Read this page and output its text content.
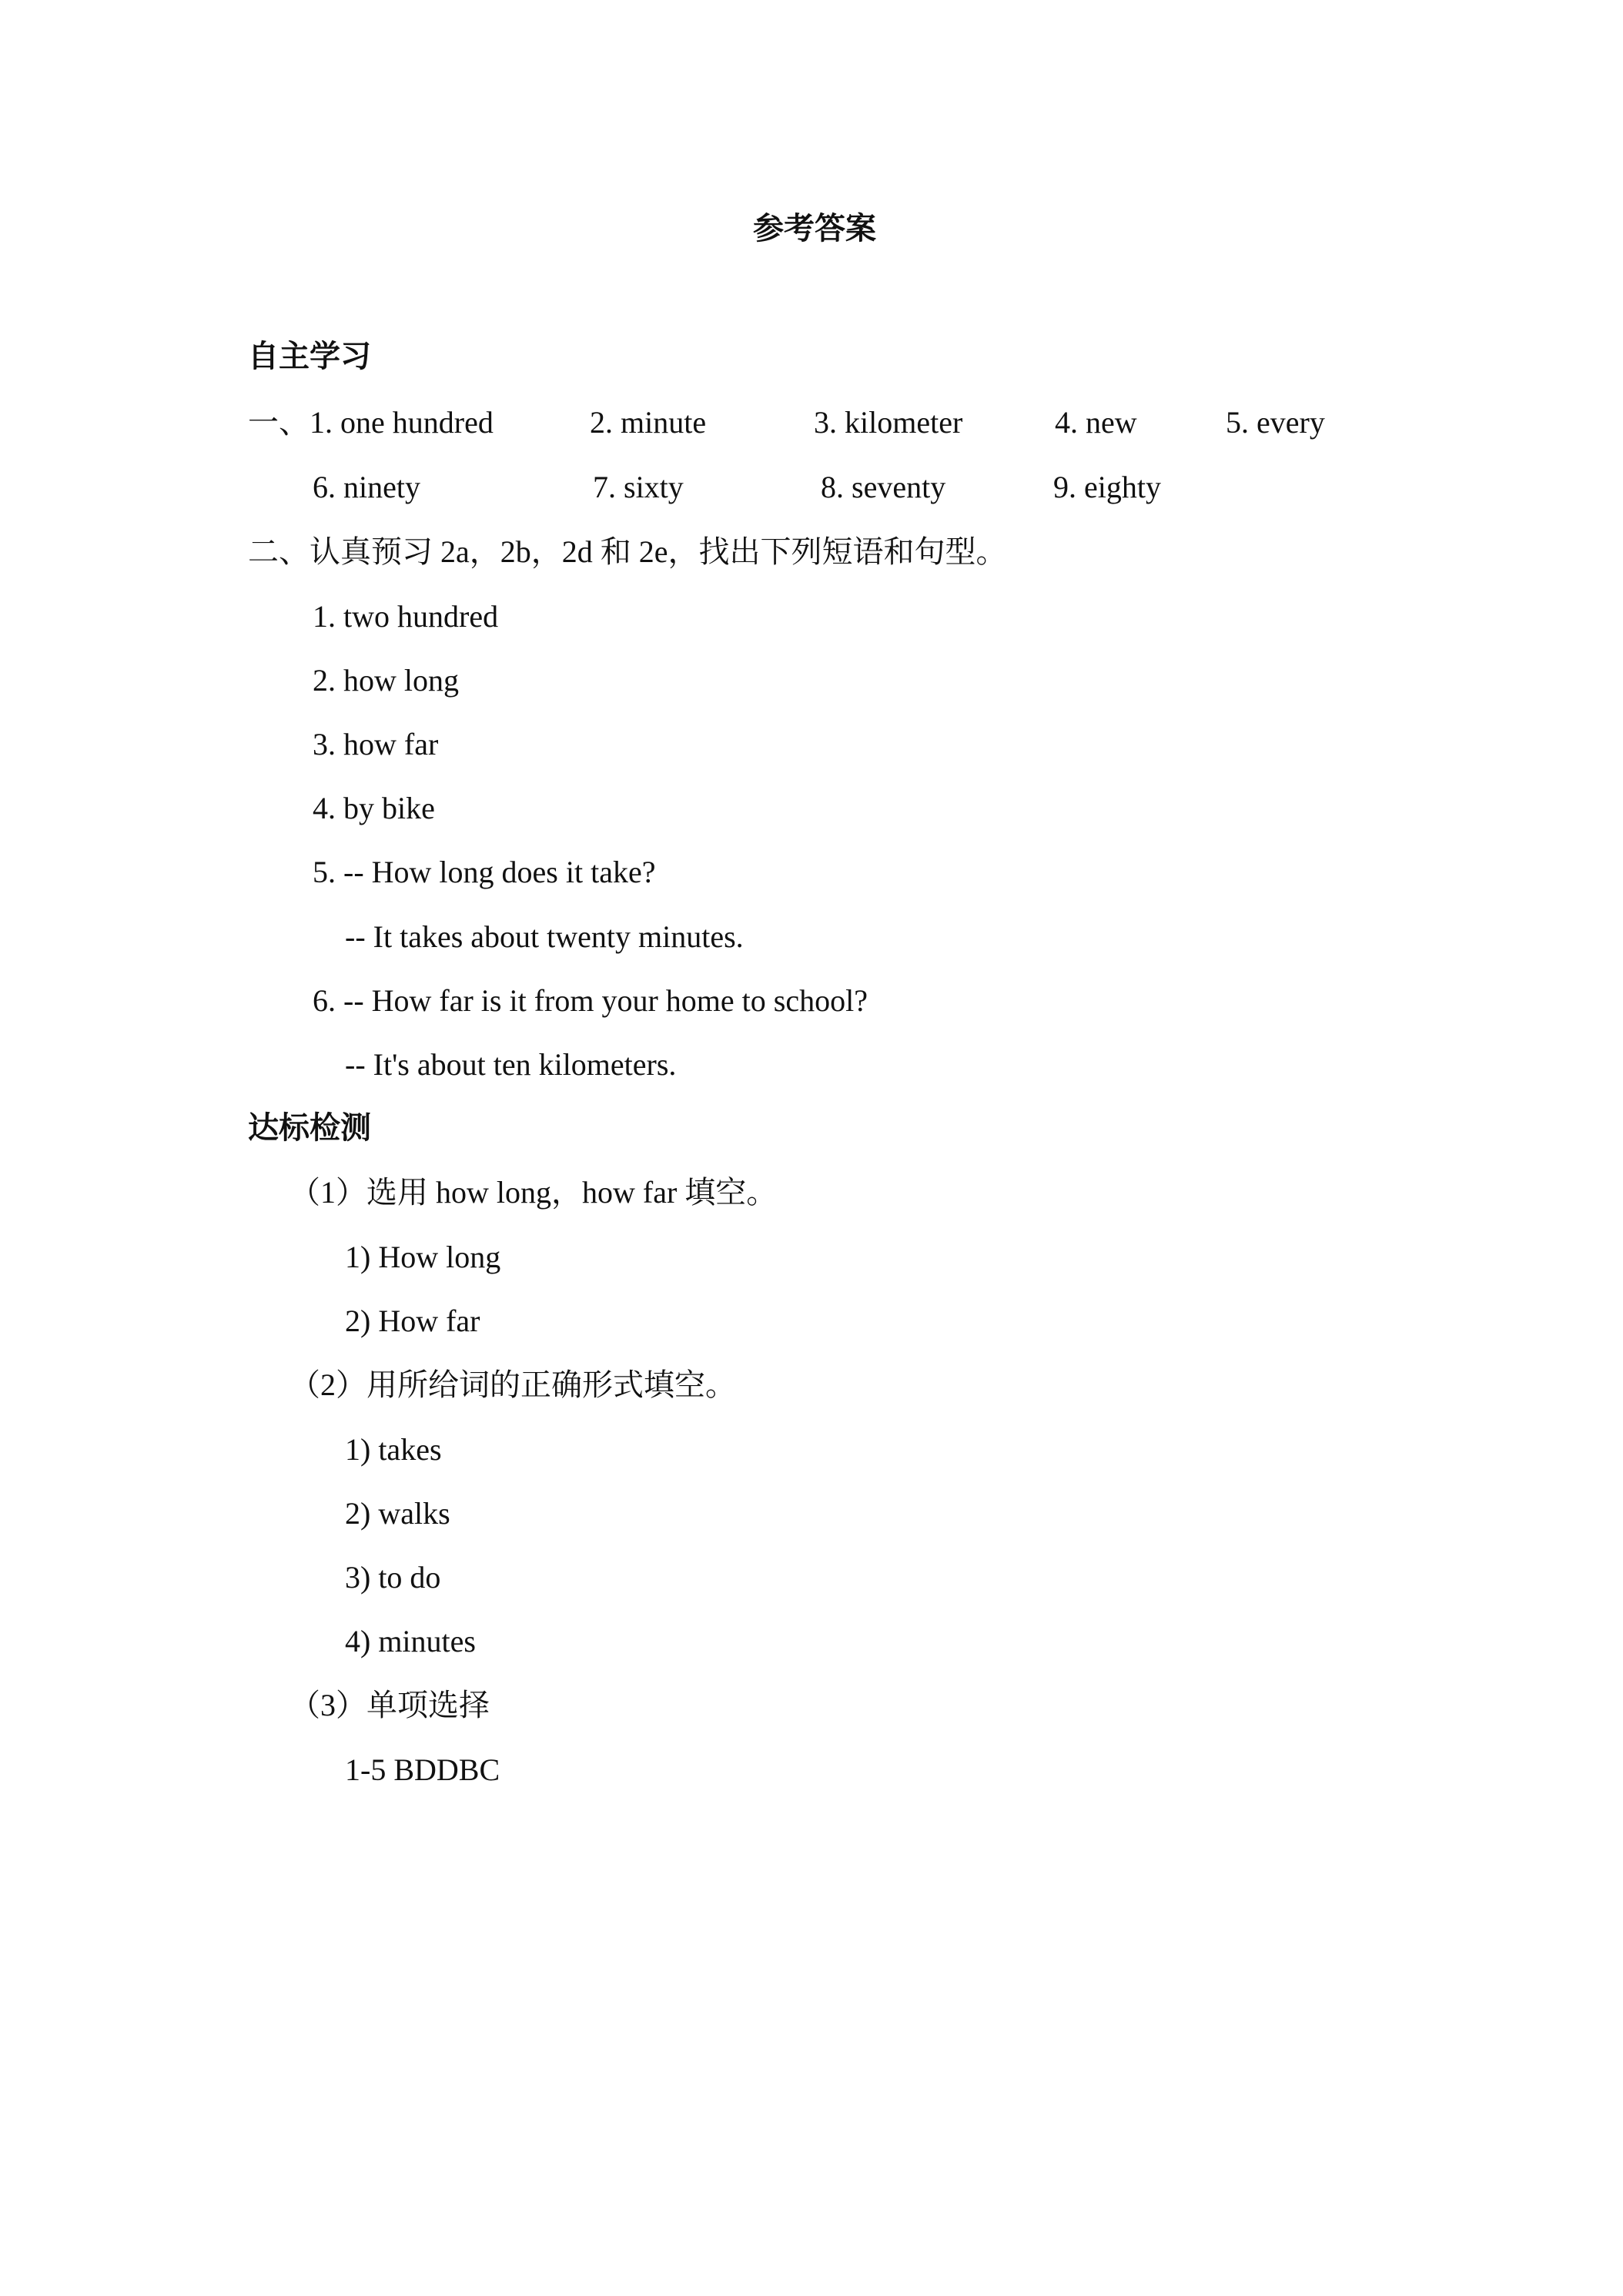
参考答案
自主学习
一、1. one hundred	2. minute	3. kilometer	4. new	5. every
6. ninety	7. sixty	8. seventy	9. eighty
二、认真预习 2a，2b，2d 和 2e，找出下列短语和句型。
1. two hundred
2. how long
3. how far
4. by bike
5. -- How long does it take?
-- It takes about twenty minutes.
6. -- How far is it from your home to school?
-- It's about ten kilometers.
达标检测
（1）选用 how long，how far 填空。
1) How long
2) How far
（2）用所给词的正确形式填空。
1) takes
2) walks
3) to do
4) minutes
（3）单项选择
1-5 BDDBC
